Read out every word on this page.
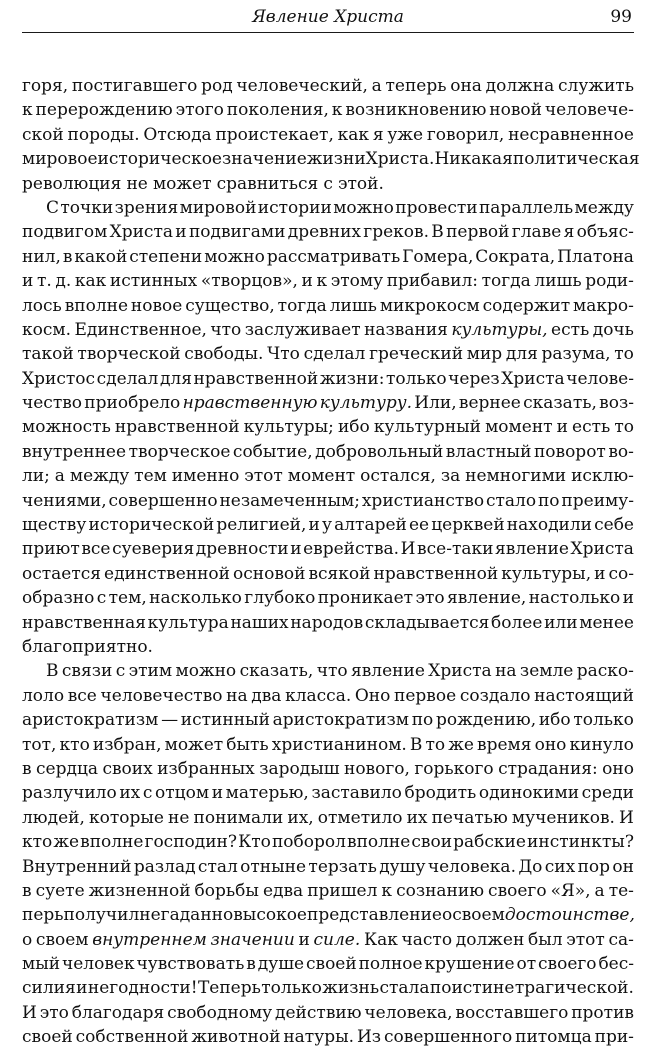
Явление Христа	99
горя, постигавшего род человеческий, а теперь она должна служить
к перерождению этого поколения, к возникновению новой человече-
ской породы. Отсюда проистекает, как я уже говорил, несравненное
мировое историческое значение жизни Христа. Никакая политическая
революция не может сравниться с этой.
С точки зрения мировой истории можно провести параллель между
подвигом Христа и подвигами древних греков. В первой главе я объяс-
нил, в какой степени можно рассматривать Гомера, Сократа, Платона
и т. д. как истинных «творцов», и к этому прибавил: тогда лишь роди-
лось вполне новое существо, тогда лишь микрокосм содержит макро-
косм. Единственное, что заслуживает названия культуры, есть дочь
такой творческой свободы. Что сделал греческий мир для разума, то
Христос сделал для нравственной жизни: только через Христа челове-
чество приобрело нравственную культуру. Или, вернее сказать, воз-
можность нравственной культуры; ибо культурный момент и есть то
внутреннее творческое событие, добровольный властный поворот во-
ли; а между тем именно этот момент остался, за немногими исклю-
чениями, совершенно незамеченным; христианство стало по преиму-
ществу исторической религией, и у алтарей ее церквей находили себе
приют все суеверия древности и еврейства. И все-таки явление Христа
остается единственной основой всякой нравственной культуры, и со-
образно с тем, насколько глубоко проникает это явление, настолько и
нравственная культура наших народов складывается более или менее
благоприятно.
В связи с этим можно сказать, что явление Христа на земле раско-
лоло все человечество на два класса. Оно первое создало настоящий
аристократизм — истинный аристократизм по рождению, ибо только
тот, кто избран, может быть христианином. В то же время оно кинуло
в сердца своих избранных зародыш нового, горького страдания: оно
разлучило их с отцом и матерью, заставило бродить одинокими среди
людей, которые не понимали их, отметило их печатью мучеников. И
кто же вполне господин? Кто поборол вполне свои рабские инстинкты?
Внутренний разлад стал отныне терзать душу человека. До сих пор он
в суете жизненной борьбы едва пришел к сознанию своего «Я», а те-
перь получил негаданно высокое представление о своем достоинстве,
о своем внутреннем значении и силе. Как часто должен был этот са-
мый человек чувствовать в душе своей полное крушение от своего бес-
силия и негодности! Теперь только жизнь стала поистине трагической.
И это благодаря свободному действию человека, восставшего против
своей собственной животной натуры. Из совершенного питомца при-
